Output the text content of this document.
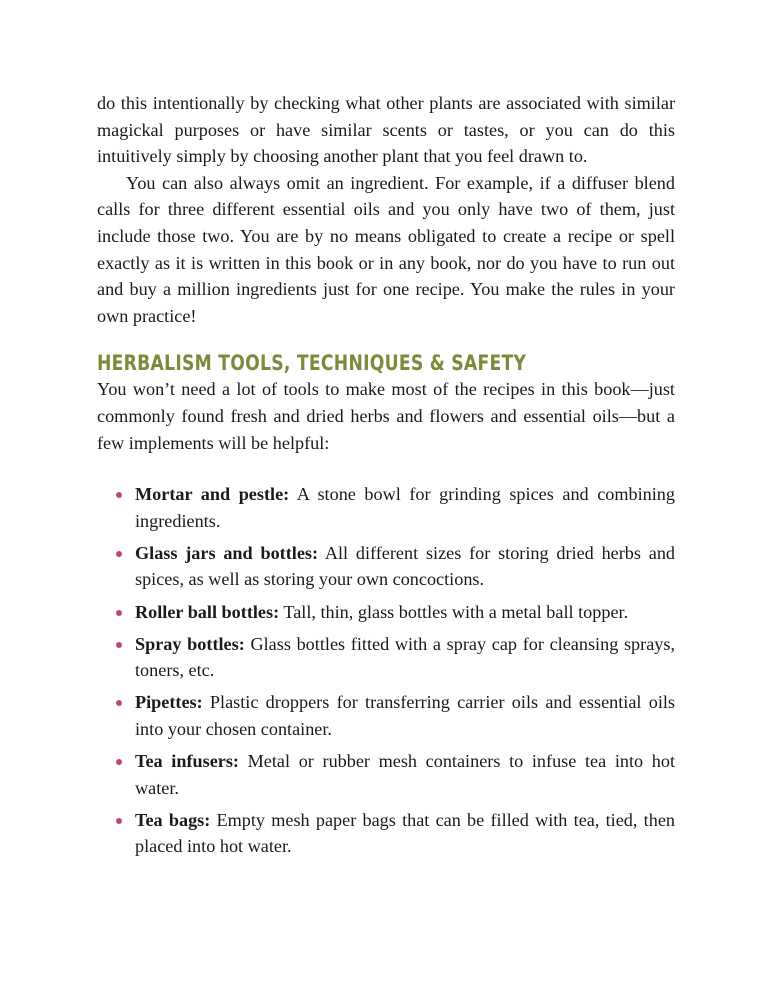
do this intentionally by checking what other plants are associated with similar magickal purposes or have similar scents or tastes, or you can do this intuitively simply by choosing another plant that you feel drawn to.

You can also always omit an ingredient. For example, if a diffuser blend calls for three different essential oils and you only have two of them, just include those two. You are by no means obligated to create a recipe or spell exactly as it is written in this book or in any book, nor do you have to run out and buy a million ingredients just for one recipe. You make the rules in your own practice!

HERBALISM TOOLS, TECHNIQUES & SAFETY

You won’t need a lot of tools to make most of the recipes in this book—just commonly found fresh and dried herbs and flowers and essential oils—but a few implements will be helpful:

Mortar and pestle: A stone bowl for grinding spices and combining ingredients.
Glass jars and bottles: All different sizes for storing dried herbs and spices, as well as storing your own concoctions.
Roller ball bottles: Tall, thin, glass bottles with a metal ball topper.
Spray bottles: Glass bottles fitted with a spray cap for cleansing sprays, toners, etc.
Pipettes: Plastic droppers for transferring carrier oils and essential oils into your chosen container.
Tea infusers: Metal or rubber mesh containers to infuse tea into hot water.
Tea bags: Empty mesh paper bags that can be filled with tea, tied, then placed into hot water.
